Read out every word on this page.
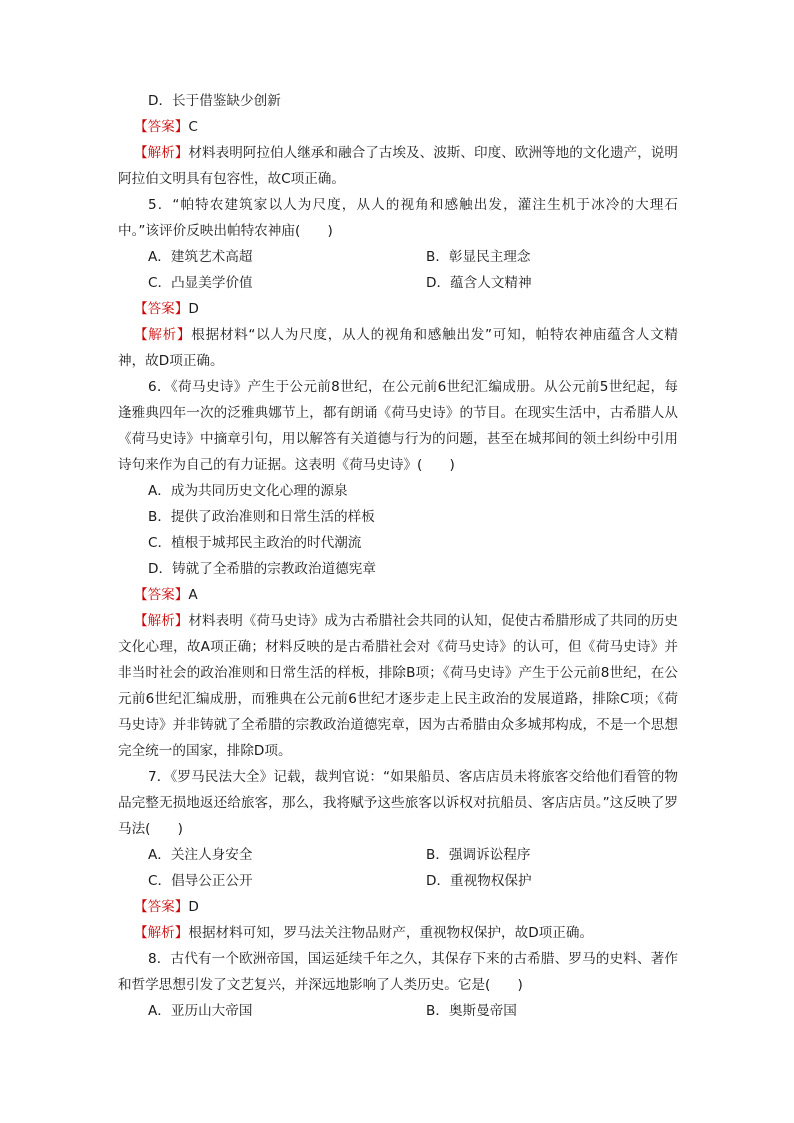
D．长于借鉴缺少创新
【答案】C
【解析】材料表明阿拉伯人继承和融合了古埃及、波斯、印度、欧洲等地的文化遗产，说明阿拉伯文明具有包容性，故C项正确。
5．“帕特农建筑家以人为尺度，从人的视角和感触出发，灌注生机于冰冷的大理石中。”该评价反映出帕特农神庙(　　)
A．建筑艺术高超	B．彰显民主理念
C．凸显美学价值	D．蕴含人文精神
【答案】D
【解析】根据材料“以人为尺度，从人的视角和感触出发”可知，帕特农神庙蕴含人文精神，故D项正确。
6．《荷马史诗》产生于公元前8世纪，在公元前6世纪汇编成册。从公元前5世纪起，每逢雅典四年一次的泛雅典娜节上，都有朗诵《荷马史诗》的节目。在现实生活中，古希腊人从《荷马史诗》中摘章引句，用以解答有关道德与行为的问题，甚至在城邦间的领土纠纷中引用诗句来作为自己的有力证据。这表明《荷马史诗》(　　)
A．成为共同历史文化心理的源泉
B．提供了政治准则和日常生活的样板
C．植根于城邦民主政治的时代潮流
D．铸就了全希腊的宗教政治道德宪章
【答案】A
【解析】材料表明《荷马史诗》成为古希腊社会共同的认知，促使古希腊形成了共同的历史文化心理，故A项正确；材料反映的是古希腊社会对《荷马史诗》的认可，但《荷马史诗》并非当时社会的政治准则和日常生活的样板，排除B项；《荷马史诗》产生于公元前8世纪，在公元前6世纪汇编成册，而雅典在公元前6世纪才逐步走上民主政治的发展道路，排除C项；《荷马史诗》并非铸就了全希腊的宗教政治道德宪章，因为古希腊由众多城邦构成，不是一个思想完全统一的国家，排除D项。
7．《罗马民法大全》记载，裁判官说：“如果船员、客店店员未将旅客交给他们看管的物品完整无损地返还给旅客，那么，我将赋予这些旅客以诉权对抗船员、客店店员。”这反映了罗马法(　　)
A．关注人身安全	B．强调诉讼程序
C．倡导公正公开	D．重视物权保护
【答案】D
【解析】根据材料可知，罗马法关注物品财产，重视物权保护，故D项正确。
8．古代有一个欧洲帝国，国运延续千年之久，其保存下来的古希腊、罗马的史料、著作和哲学思想引发了文艺复兴，并深远地影响了人类历史。它是(　　)
A．亚历山大帝国	B．奥斯曼帝国
